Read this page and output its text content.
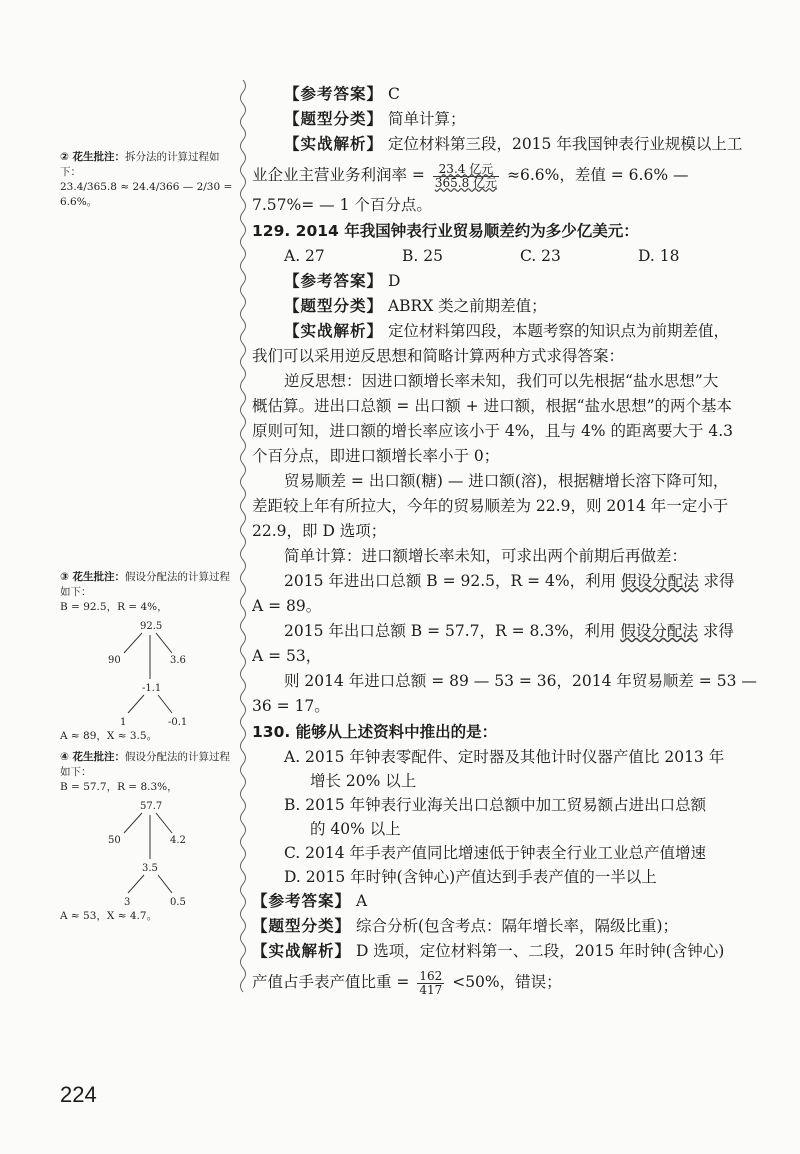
② 花生批注：拆分法的计算过程如下：
23.4/365.8 ≈ 24.4/366 — 2/30 = 6.6%。
③ 花生批注：假设分配法的计算过程如下：
B = 92.5，R = 4%，
92.5
90	3.6
-1.1
1	-0.1
A ≈ 89，X ≈ 3.5。
④ 花生批注：假设分配法的计算过程如下：
B = 57.7，R = 8.3%，
57.7
50	4.2
3.5
3	0.5
A ≈ 53，X ≈ 4.7。
【参考答案】 C
【题型分类】 简单计算；
【实战解析】 定位材料第三段，2015 年我国钟表行业规模以上工
业企业主营业务利润率 = $\frac{\text{23.4 亿元}}{\text{365.8 亿元}} \approx 6.6\%$，差值 = 6.6% —
7.57%= — 1 个百分点。
129. 2014 年我国钟表行业贸易顺差约为多少亿美元：
A. 27	B. 25	C. 23	D. 18
【参考答案】 D
【题型分类】 ABRX 类之前期差值；
【实战解析】 定位材料第四段，本题考察的知识点为前期差值，
我们可以采用逆反思想和简略计算两种方式求得答案：
逆反思想：因进口额增长率未知，我们可以先根据“盐水思想”大
概估算。进出口总额 = 出口额 + 进口额，根据“盐水思想”的两个基本
原则可知，进口额的增长率应该小于 4%，且与 4% 的距离要大于 4.3
个百分点，即进口额增长率小于 0；
贸易顺差 = 出口额(糖) — 进口额(溶)，根据糖增长溶下降可知，
差距较上年有所拉大，今年的贸易顺差为 22.9，则 2014 年一定小于
22.9，即 D 选项；
简单计算：进口额增长率未知，可求出两个前期后再做差：
2015 年进出口总额 B = 92.5，R = 4%，利用 假设分配法 求得
A = 89。
2015 年出口总额 B = 57.7，R = 8.3%，利用 假设分配法 求得
A = 53，
则 2014 年进口总额 = 89 — 53 = 36，2014 年贸易顺差 = 53 —
36 = 17。
130. 能够从上述资料中推出的是：
A. 2015 年钟表零配件、定时器及其他计时仪器产值比 2013 年
增长 20% 以上
B. 2015 年钟表行业海关出口总额中加工贸易额占进出口总额
的 40% 以上
C. 2014 年手表产值同比增速低于钟表全行业工业总产值增速
D. 2015 年时钟(含钟心)产值达到手表产值的一半以上
【参考答案】 A
【题型分类】 综合分析(包含考点：隔年增长率，隔级比重)；
【实战解析】 D 选项，定位材料第一、二段，2015 年时钟(含钟心)
产值占手表产值比重 = $\frac{162}{417} <50\%$，错误；
224
